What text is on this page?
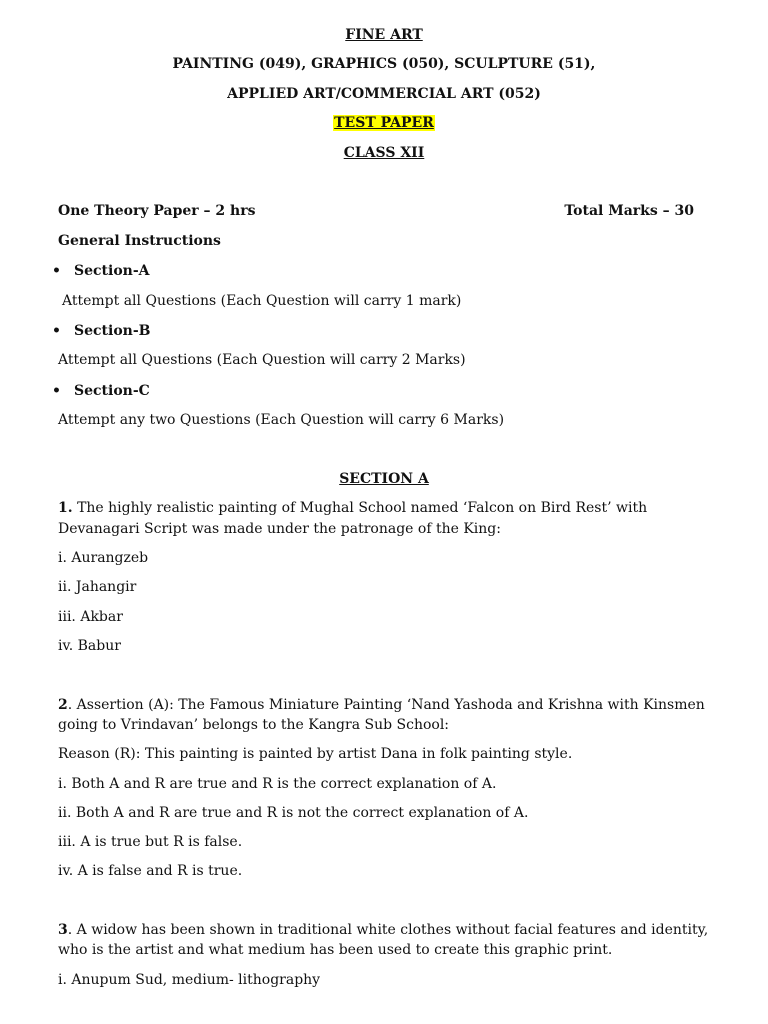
FINE ART
PAINTING (049), GRAPHICS (050), SCULPTURE (51),
APPLIED ART/COMMERCIAL ART (052)
TEST PAPER
CLASS XII
One Theory Paper – 2 hrs	Total Marks – 30
General Instructions
• Section-A
Attempt all Questions (Each Question will carry 1 mark)
• Section-B
Attempt all Questions (Each Question will carry 2 Marks)
• Section-C
Attempt any two Questions (Each Question will carry 6 Marks)
SECTION A
1. The highly realistic painting of Mughal School named ‘Falcon on Bird Rest’ with
Devanagari Script was made under the patronage of the King:
i. Aurangzeb
ii. Jahangir
iii. Akbar
iv. Babur
2. Assertion (A): The Famous Miniature Painting ‘Nand Yashoda and Krishna with Kinsmen
going to Vrindavan’ belongs to the Kangra Sub School:
Reason (R): This painting is painted by artist Dana in folk painting style.
i. Both A and R are true and R is the correct explanation of A.
ii. Both A and R are true and R is not the correct explanation of A.
iii. A is true but R is false.
iv. A is false and R is true.
3. A widow has been shown in traditional white clothes without facial features and identity,
who is the artist and what medium has been used to create this graphic print.
i. Anupum Sud, medium- lithography
